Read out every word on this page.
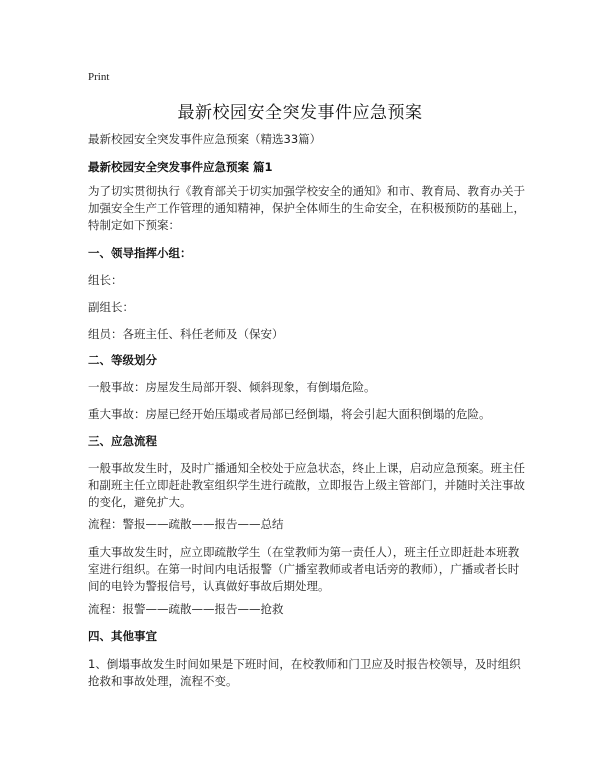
Print
最新校园安全突发事件应急预案
最新校园安全突发事件应急预案（精选33篇）
最新校园安全突发事件应急预案 篇1
为了切实贯彻执行《教育部关于切实加强学校安全的通知》和市、教育局、教育办关于加强安全生产工作管理的通知精神，保护全体师生的生命安全，在积极预防的基础上，特制定如下预案：
一、领导指挥小组：
组长：
副组长：
组员：各班主任、科任老师及（保安）
二、等级划分
一般事故：房屋发生局部开裂、倾斜现象，有倒塌危险。
重大事故：房屋已经开始压塌或者局部已经倒塌，将会引起大面积倒塌的危险。
三、应急流程
一般事故发生时，及时广播通知全校处于应急状态，终止上课，启动应急预案。班主任和副班主任立即赶赴教室组织学生进行疏散，立即报告上级主管部门，并随时关注事故的变化，避免扩大。
流程：警报——疏散——报告——总结
重大事故发生时，应立即疏散学生（在堂教师为第一责任人），班主任立即赶赴本班教室进行组织。在第一时间内电话报警（广播室教师或者电话旁的教师），广播或者长时间的电铃为警报信号，认真做好事故后期处理。
流程：报警——疏散——报告——抢救
四、其他事宜
1、倒塌事故发生时间如果是下班时间，在校教师和门卫应及时报告校领导，及时组织抢救和事故处理，流程不变。
